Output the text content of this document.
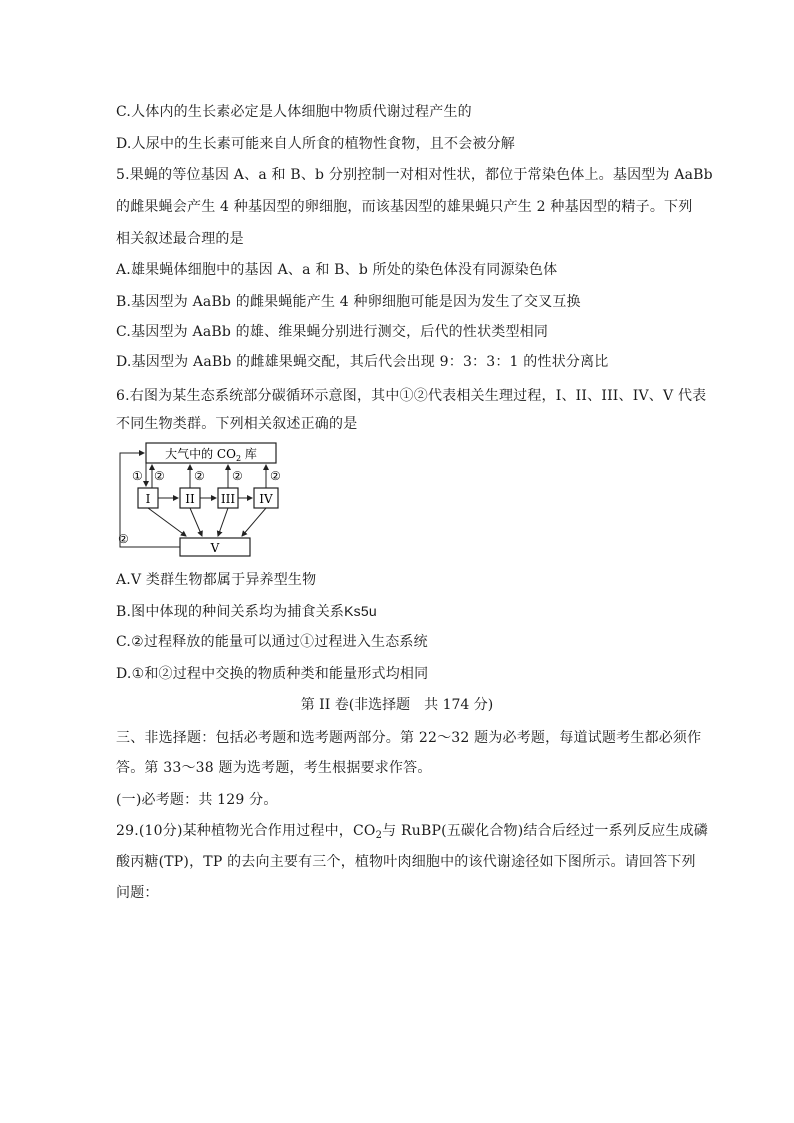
C.人体内的生长素必定是人体细胞中物质代谢过程产生的
D.人尿中的生长素可能来自人所食的植物性食物，且不会被分解
5.果蝇的等位基因 A、a 和 B、b 分别控制一对相对性状，都位于常染色体上。基因型为 AaBb
的雌果蝇会产生 4 种基因型的卵细胞，而该基因型的雄果蝇只产生 2 种基因型的精子。下列
相关叙述最合理的是
A.雄果蝇体细胞中的基因 A、a 和 B、b 所处的染色体没有同源染色体
B.基因型为 AaBb 的雌果蝇能产生 4 种卵细胞可能是因为发生了交叉互换
C.基因型为 AaBb 的雄、维果蝇分别进行测交，后代的性状类型相同
D.基因型为 AaBb 的雌雄果蝇交配，其后代会出现 9：3：3：1 的性状分离比
6.右图为某生态系统部分碳循环示意图，其中①②代表相关生理过程，I、II、III、IV、V 代表
不同生物类群。下列相关叙述正确的是
大气中的 $CO_2$ 库
I	II III IV
V
① ② ② ② ②
②
A.V 类群生物都属于异养型生物
B.图中体现的种间关系均为捕食关系Ks5u
C.②过程释放的能量可以通过①过程进入生态系统
D.①和②过程中交换的物质种类和能量形式均相同
第 II 卷(非选择题　共 174 分)
三、非选择题：包括必考题和选考题两部分。第 22～32 题为必考题，每道试题考生都必须作
答。第 33～38 题为选考题，考生根据要求作答。
(一)必考题：共 129 分。
29.(10分)某种植物光合作用过程中，$CO_2$与 RuBP(五碳化合物)结合后经过一系列反应生成磷
酸丙糖(TP)，TP 的去向主要有三个，植物叶肉细胞中的该代谢途径如下图所示。请回答下列
问题：
